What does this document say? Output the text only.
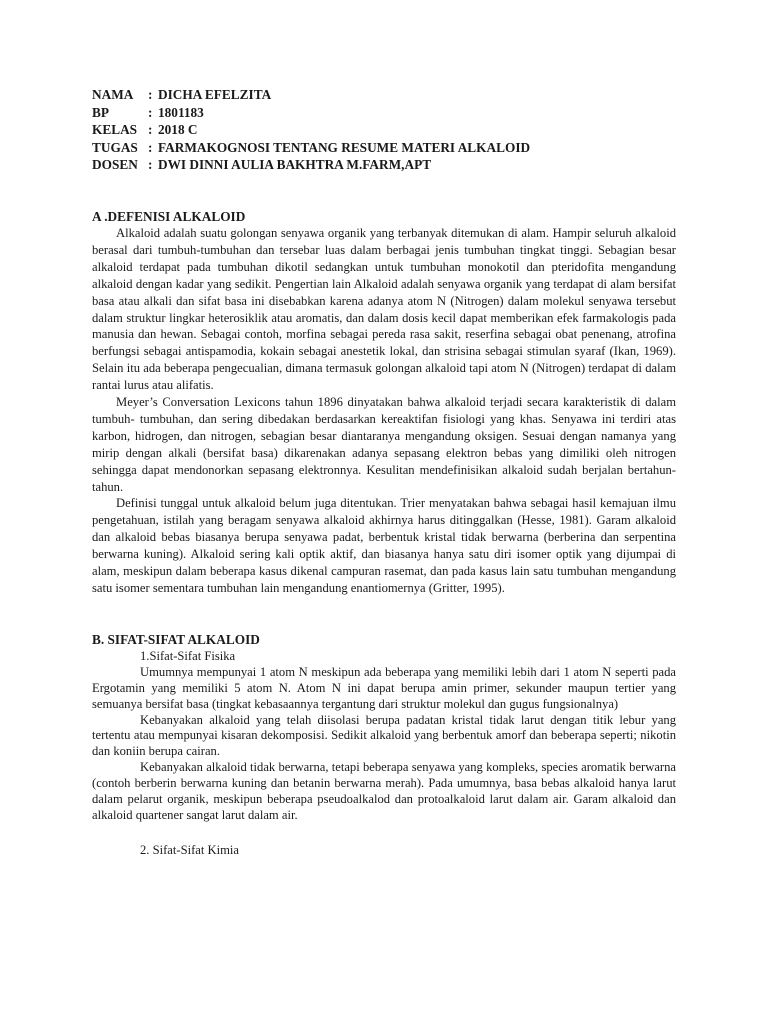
NAMA	: DICHA EFELZITA
BP	: 1801183
KELAS : 2018 C
TUGAS : FARMAKOGNOSI TENTANG RESUME MATERI ALKALOID
DOSEN : DWI DINNI AULIA BAKHTRA M.FARM,APT
A .DEFENISI ALKALOID

Alkaloid adalah suatu golongan senyawa organik yang terbanyak ditemukan di alam. Hampir seluruh alkaloid berasal dari tumbuh-tumbuhan dan tersebar luas dalam berbagai jenis tumbuhan tingkat tinggi. Sebagian besar alkaloid terdapat pada tumbuhan dikotil sedangkan untuk tumbuhan monokotil dan pteridofita mengandung alkaloid dengan kadar yang sedikit. Pengertian lain Alkaloid adalah senyawa organik yang terdapat di alam bersifat basa atau alkali dan sifat basa ini disebabkan karena adanya atom N (Nitrogen) dalam molekul senyawa tersebut dalam struktur lingkar heterosiklik atau aromatis, dan dalam dosis kecil dapat memberikan efek farmakologis pada manusia dan hewan. Sebagai contoh, morfina sebagai pereda rasa sakit, reserfina sebagai obat penenang, atrofina berfungsi sebagai antispamodia, kokain sebagai anestetik lokal, dan strisina sebagai stimulan syaraf (Ikan, 1969). Selain itu ada beberapa pengecualian, dimana termasuk golongan alkaloid tapi atom N (Nitrogen) terdapat di dalam rantai lurus atau alifatis.

Meyer’s Conversation Lexicons tahun 1896 dinyatakan bahwa alkaloid terjadi secara karakteristik di dalam tumbuh- tumbuhan, dan sering dibedakan berdasarkan kereaktifan fisiologi yang khas. Senyawa ini terdiri atas karbon, hidrogen, dan nitrogen, sebagian besar diantaranya mengandung oksigen. Sesuai dengan namanya yang mirip dengan alkali (bersifat basa) dikarenakan adanya sepasang elektron bebas yang dimiliki oleh nitrogen sehingga dapat mendonorkan sepasang elektronnya. Kesulitan mendefinisikan alkaloid sudah berjalan bertahun-tahun.

Definisi tunggal untuk alkaloid belum juga ditentukan. Trier menyatakan bahwa sebagai hasil kemajuan ilmu pengetahuan, istilah yang beragam senyawa alkaloid akhirnya harus ditinggalkan (Hesse, 1981). Garam alkaloid dan alkaloid bebas biasanya berupa senyawa padat, berbentuk kristal tidak berwarna (berberina dan serpentina berwarna kuning). Alkaloid sering kali optik aktif, dan biasanya hanya satu diri isomer optik yang dijumpai di alam, meskipun dalam beberapa kasus dikenal campuran rasemat, dan pada kasus lain satu tumbuhan mengandung satu isomer sementara tumbuhan lain mengandung enantiomernya (Gritter, 1995).

B. SIFAT-SIFAT ALKALOID
1.Sifat-Sifat Fisika

Umumnya mempunyai 1 atom N meskipun ada beberapa yang memiliki lebih dari 1 atom N seperti pada Ergotamin yang memiliki 5 atom N. Atom N ini dapat berupa amin primer, sekunder maupun tertier yang semuanya bersifat basa (tingkat kebasaannya tergantung dari struktur molekul dan gugus fungsionalnya)

Kebanyakan alkaloid yang telah diisolasi berupa padatan kristal tidak larut dengan titik lebur yang tertentu atau mempunyai kisaran dekomposisi. Sedikit alkaloid yang berbentuk amorf dan beberapa seperti; nikotin dan koniin berupa cairan.

Kebanyakan alkaloid tidak berwarna, tetapi beberapa senyawa yang kompleks, species aromatik berwarna (contoh berberin berwarna kuning dan betanin berwarna merah). Pada umumnya, basa bebas alkaloid hanya larut dalam pelarut organik, meskipun beberapa pseudoalkalod dan protoalkaloid larut dalam air. Garam alkaloid dan alkaloid quartener sangat larut dalam air.

2. Sifat-Sifat Kimia
